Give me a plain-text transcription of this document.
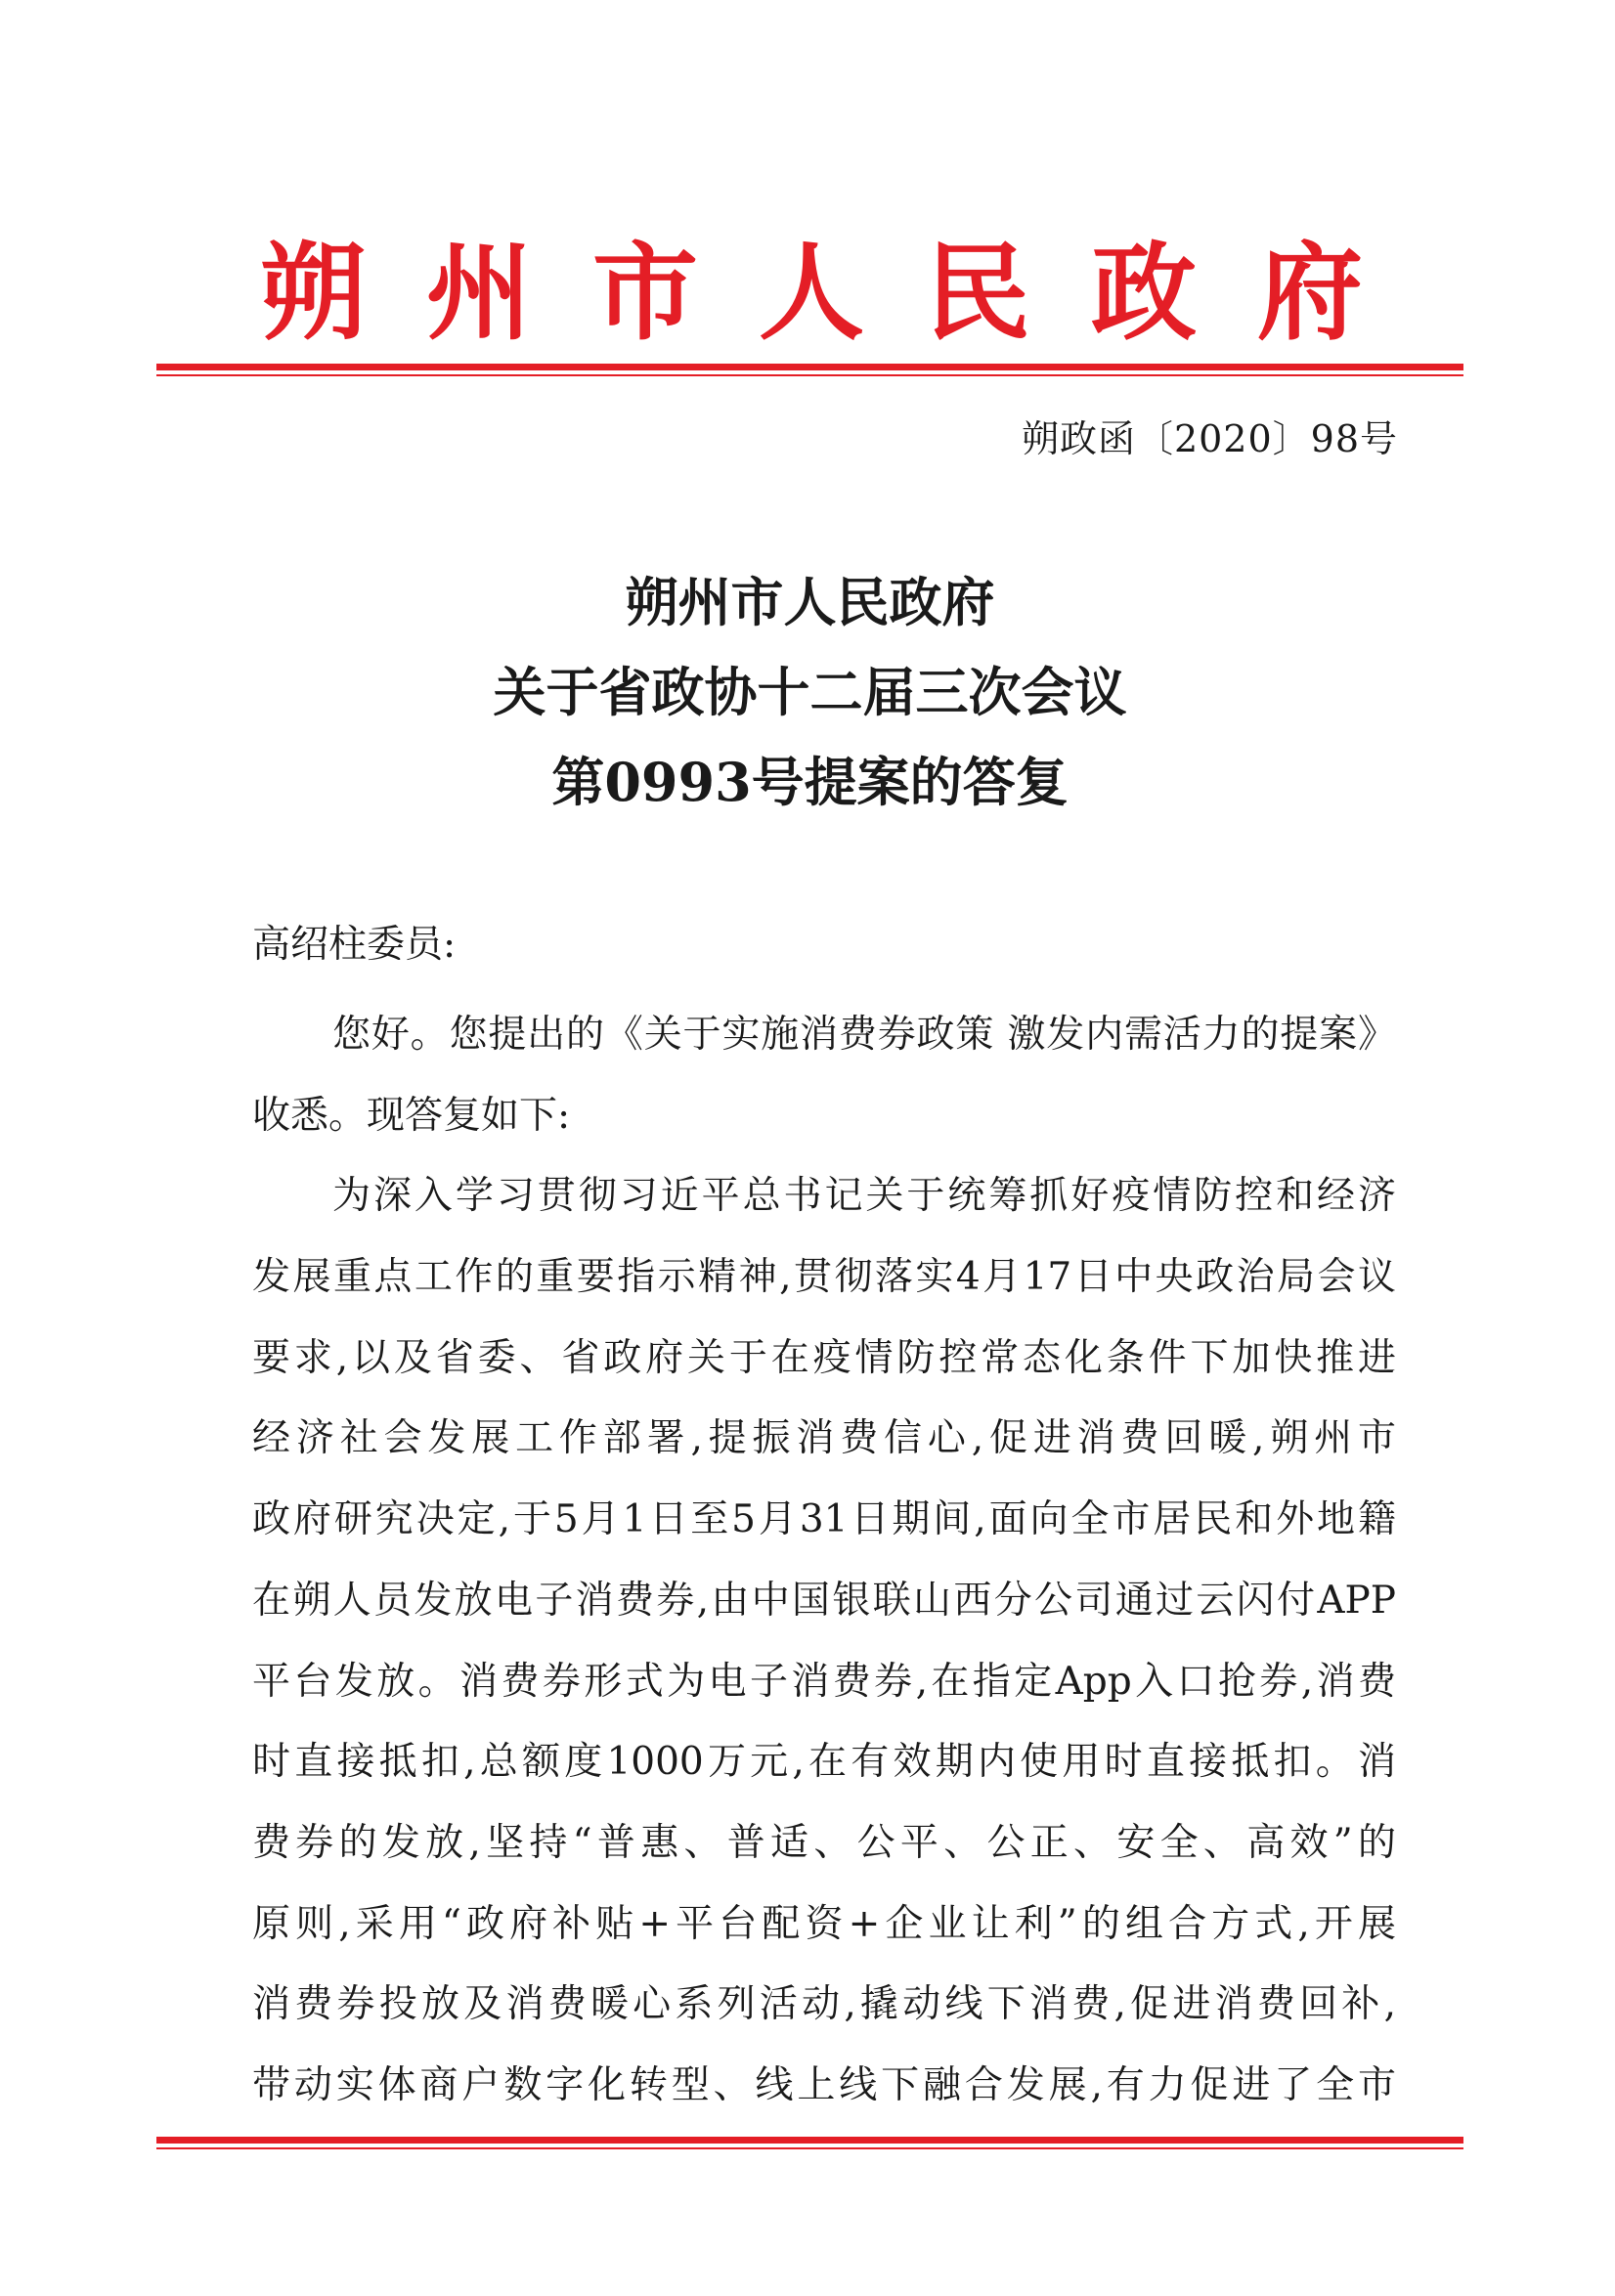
朔州市人民政府
朔政函〔2020〕98号
朔州市人民政府
关于省政协十二届三次会议
第0993号提案的答复
高绍柱委员:
您好。您提出的《关于实施消费券政策 激发内需活力的提案》
收悉。现答复如下:
为深入学习贯彻习近平总书记关于统筹抓好疫情防控和经济
发展重点工作的重要指示精神,贯彻落实4月17日中央政治局会议
要求,以及省委、省政府关于在疫情防控常态化条件下加快推进
经济社会发展工作部署,提振消费信心,促进消费回暖,朔州市
政府研究决定,于5月1日至5月31日期间,面向全市居民和外地籍
在朔人员发放电子消费券,由中国银联山西分公司通过云闪付APP
平台发放。消费券形式为电子消费券,在指定App入口抢券,消费
时直接抵扣,总额度1000万元,在有效期内使用时直接抵扣。消
费券的发放,坚持“普惠、普适、公平、公正、安全、高效”的
原则,采用“政府补贴+平台配资+企业让利”的组合方式,开展
消费券投放及消费暖心系列活动,撬动线下消费,促进消费回补,
带动实体商户数字化转型、线上线下融合发展,有力促进了全市
